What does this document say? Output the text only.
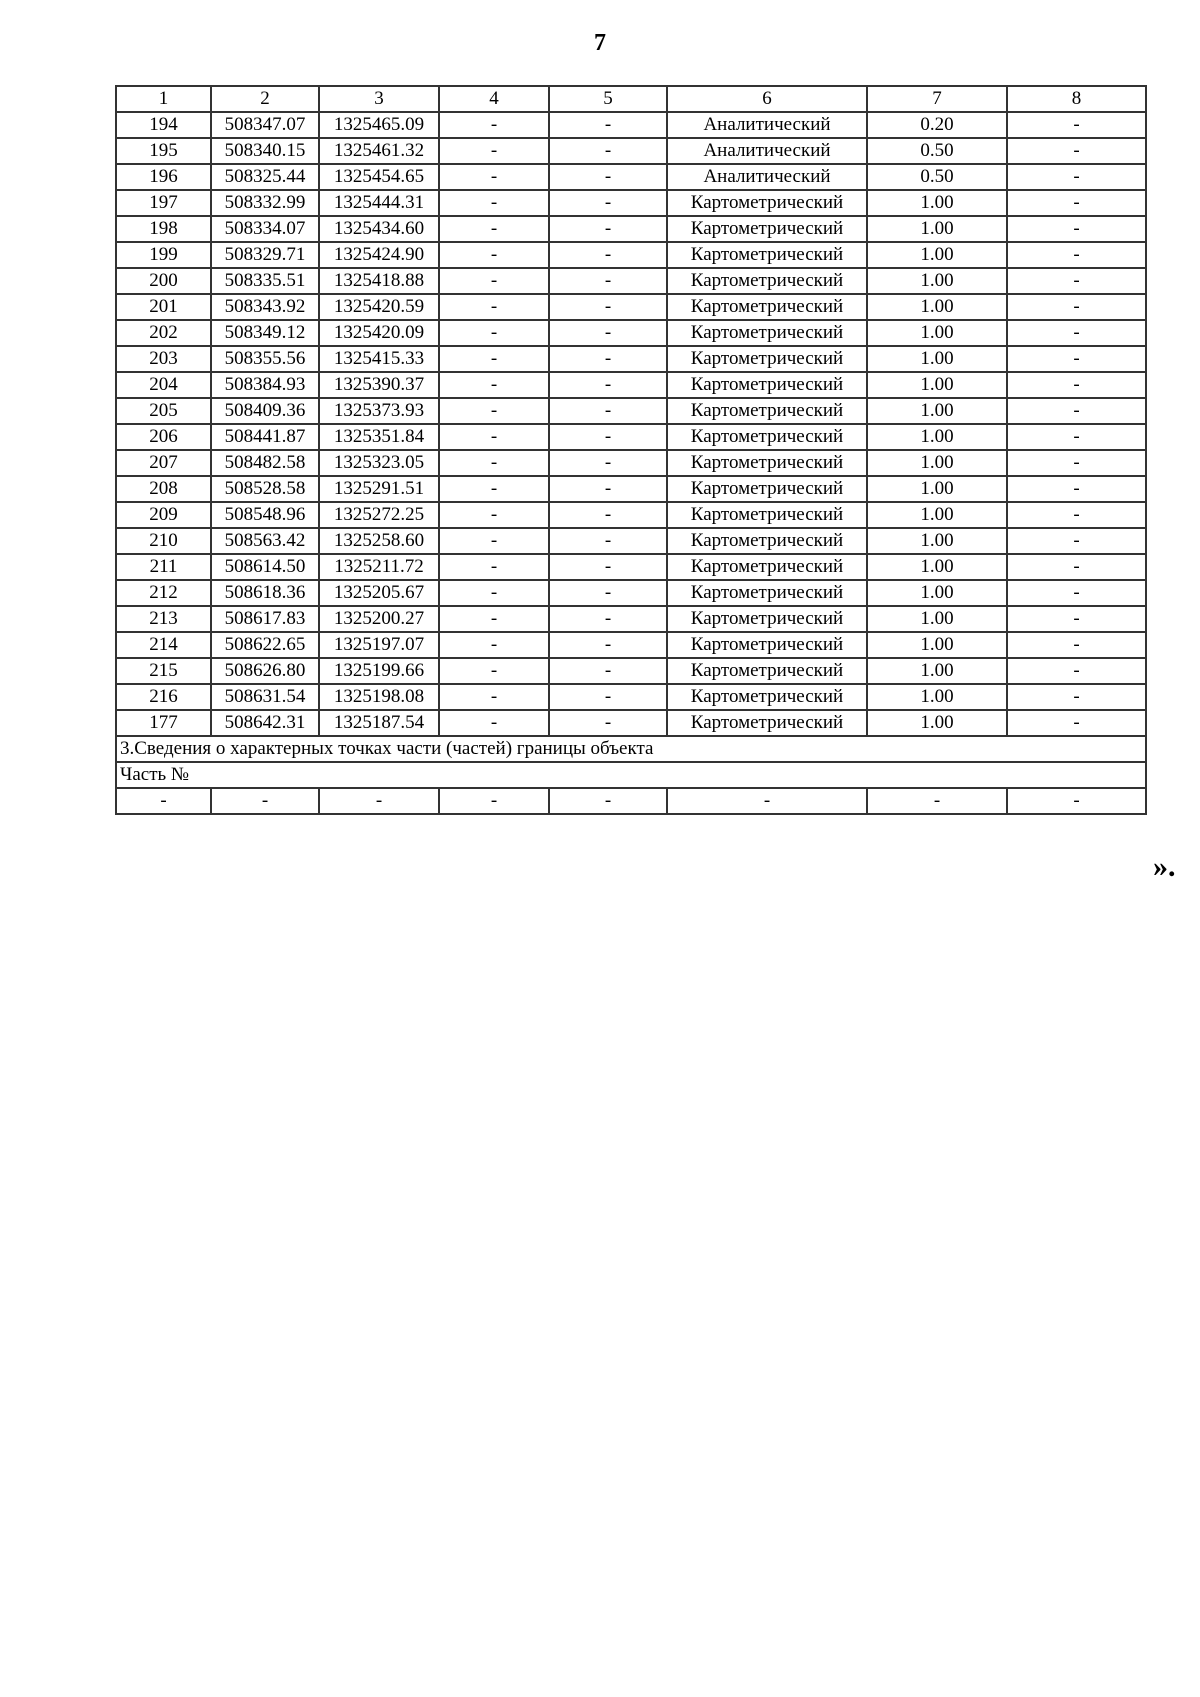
7
1	2	3	4	5	6	7	8
194	508347.07	1325465.09	-	-	Аналитический	0.20	-
195	508340.15	1325461.32	-	-	Аналитический	0.50	-
196	508325.44	1325454.65	-	-	Аналитический	0.50	-
197	508332.99	1325444.31	-	-	Картометрический	1.00	-
198	508334.07	1325434.60	-	-	Картометрический	1.00	-
199	508329.71	1325424.90	-	-	Картометрический	1.00	-
200	508335.51	1325418.88	-	-	Картометрический	1.00	-
201	508343.92	1325420.59	-	-	Картометрический	1.00	-
202	508349.12	1325420.09	-	-	Картометрический	1.00	-
203	508355.56	1325415.33	-	-	Картометрический	1.00	-
204	508384.93	1325390.37	-	-	Картометрический	1.00	-
205	508409.36	1325373.93	-	-	Картометрический	1.00	-
206	508441.87	1325351.84	-	-	Картометрический	1.00	-
207	508482.58	1325323.05	-	-	Картометрический	1.00	-
208	508528.58	1325291.51	-	-	Картометрический	1.00	-
209	508548.96	1325272.25	-	-	Картометрический	1.00	-
210	508563.42	1325258.60	-	-	Картометрический	1.00	-
211	508614.50	1325211.72	-	-	Картометрический	1.00	-
212	508618.36	1325205.67	-	-	Картометрический	1.00	-
213	508617.83	1325200.27	-	-	Картометрический	1.00	-
214	508622.65	1325197.07	-	-	Картометрический	1.00	-
215	508626.80	1325199.66	-	-	Картометрический	1.00	-
216	508631.54	1325198.08	-	-	Картометрический	1.00	-
177	508642.31	1325187.54	-	-	Картометрический	1.00	-
3.Сведения о характерных точках части (частей) границы объекта							
Часть №							
-	-	-	-	-	-	-	-
».
